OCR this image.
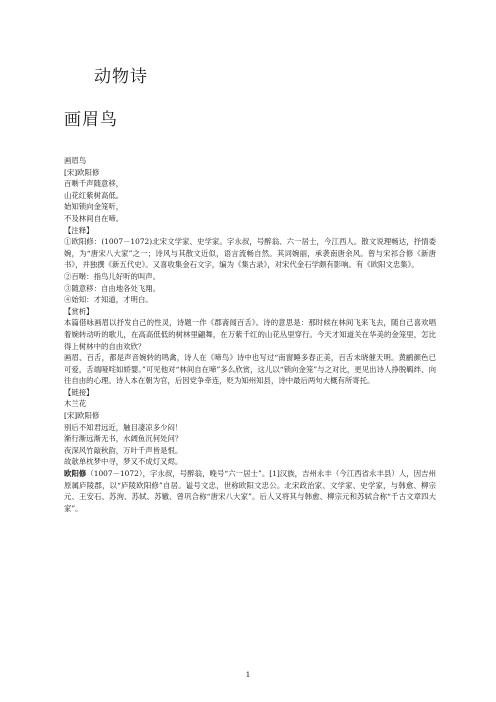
动物诗
画眉鸟
画眉鸟
[宋]欧阳修
百啭千声随意移，
山花红紫树高低。
始知锁向金笼听，
不及林间自在啼。
【注释】
①欧阳修：(1007－1072)北宋文学家、史学家。字永叔，号醉翁、六一居士，今江西人。散文说理畅达，抒情委婉，为“唐宋八大家”之一；诗风与其散文近似，语言流畅自然。其词婉丽，承袭南唐余风。曾与宋祁合修《新唐书》，并独撰《新五代史》。又喜收集金石文字，编为《集古录》，对宋代金石学颇有影响。有《欧阳文忠集》。
②百啭：指鸟儿好听的叫声。
③随意移：自由地各处飞翔。
④始知：才知道，才明白。
【赏析】
本篇借咏画眉以抒发自己的性灵，诗题一作《郡斋闻百舌》。诗的意思是：那时候在林间飞来飞去，随自己喜欢唱着婉转动听的歌儿，在高高低低的树林里翩舞，在万紫千红的山花丛里穿行。今天才知道关在华美的金笼里，怎比得上树林中的自由欢欣？
画眉、百舌，都是声音婉转的鸣禽，诗人在《啼鸟》诗中也写过“南窗睡多春正美，百舌未晓催天明。黄鹂颜色已可爱，舌端哑咤如娇婴。”可见他对“林间自在啼”多么欣赏，这儿以“锁向金笼”与之对比，更见出诗人挣脱羁绊、向往自由的心理。诗人本在朝为官，后因党争牵连，贬为知州知县，诗中最后两句大概有所寄托。
【链接】
木兰花
[宋]欧阳修
别后不知君远近，触目凄凉多少闷！
渐行渐远渐无书，水阔鱼沉何处问？
夜深风竹敲秋韵，万叶千声皆是恨。
故欹单枕梦中寻，梦又不成灯又烬。
欧阳修（1007－1072），字永叔，号醉翁，晚号“六一居士”。[1]汉族，吉州永丰（今江西省永丰县）人，因吉州原属庐陵郡，以“庐陵欧阳修”自居。谥号文忠，世称欧阳文忠公。北宋政治家、文学家、史学家，与韩愈、柳宗元、王安石、苏洵、苏轼、苏辙、曾巩合称“唐宋八大家”。后人又将其与韩愈、柳宗元和苏轼合称“千古文章四大家”。
1
